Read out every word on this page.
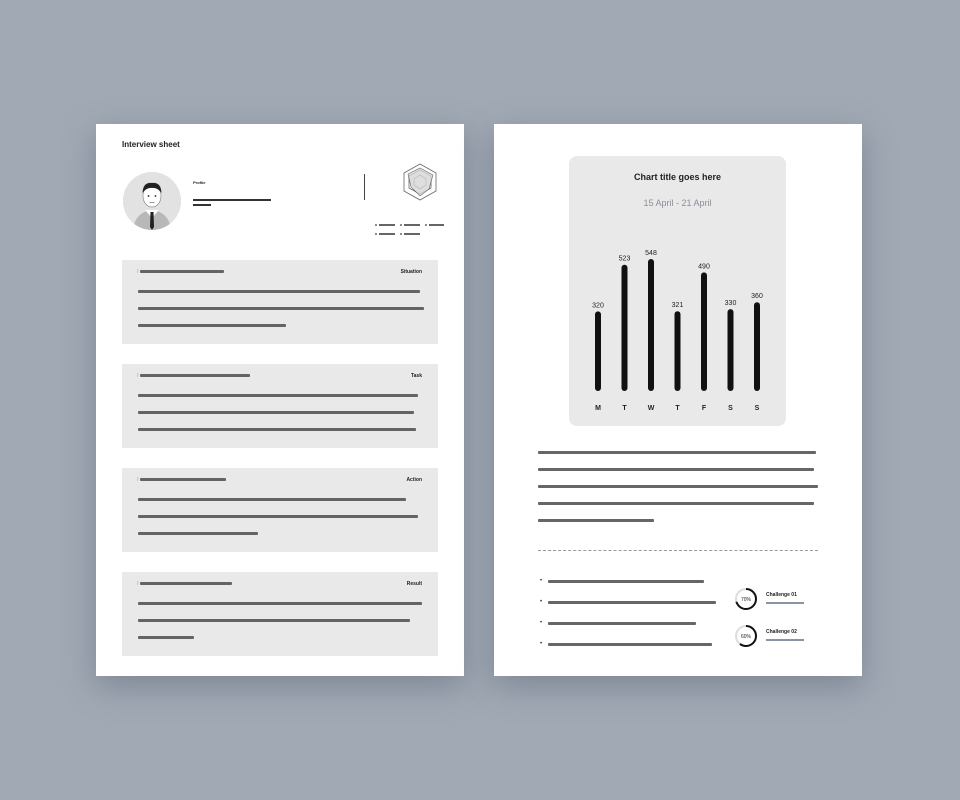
Interview sheet
Profile
「	Situation
「	Task
「	Action
「	Result
320
M
523
T
548
W
321
T
490
F
330
S
360
S
Chart title goes here
15 April - 21 April
•
•
•
•
70%
Challenge 01
60%
Challenge 02
